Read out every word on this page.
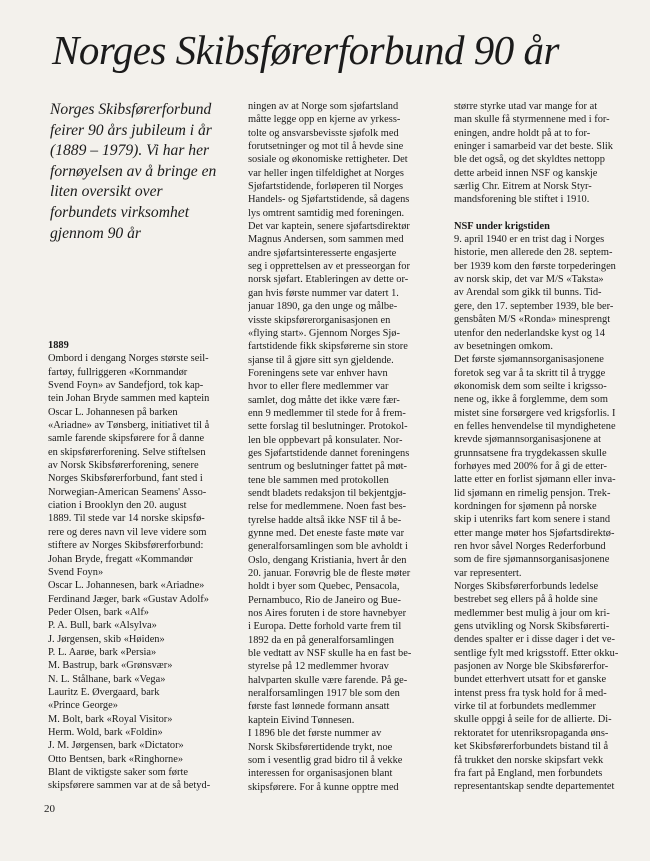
Norges Skibsførerforbund 90 år
Norges Skibsførerforbund
feirer 90 års jubileum i år
(1889 – 1979). Vi har her
fornøyelsen av å bringe en
liten oversikt over
forbundets virksomhet
gjennom 90 år
1889
Ombord i dengang Norges største seil-
fartøy, fullriggeren «Kornmandør
Svend Foyn» av Sandefjord, tok kap-
tein Johan Bryde sammen med kaptein
Oscar L. Johannesen på barken
«Ariadne» av Tønsberg, initiativet til å
samle farende skipsførere for å danne
en skipsførerforening. Selve stiftelsen
av Norsk Skibsførerforening, senere
Norges Skibsførerforbund, fant sted i
Norwegian-American Seamens' Asso-
ciation i Brooklyn den 20. august
1889. Til stede var 14 norske skipsfø-
rere og deres navn vil leve videre som
stiftere av Norges Skibsførerforbund:
Johan Bryde, fregatt «Kommandør
Svend Foyn»
Oscar L. Johannesen, bark «Ariadne»
Ferdinand Jæger, bark «Gustav Adolf»
Peder Olsen, bark «Alf»
P. A. Bull, bark «Alsylva»
J. Jørgensen, skib «Høiden»
P. L. Aarøe, bark «Persia»
M. Bastrup, bark «Grønsvær»
N. L. Stålhane, bark «Vega»
Lauritz E. Øvergaard, bark
«Prince George»
M. Bolt, bark «Royal Visitor»
Herm. Wold, bark «Foldin»
J. M. Jørgensen, bark «Dictator»
Otto Bentsen, bark «Ringhorne»
Blant de viktigste saker som førte
skipsførere sammen var at de så betyd-
ningen av at Norge som sjøfartsland
måtte legge opp en kjerne av yrkess-
tolte og ansvarsbevisste sjøfolk med
forutsetninger og mot til å hevde sine
sosiale og økonomiske rettigheter. Det
var heller ingen tilfeldighet at Norges
Sjøfartstidende, forløperen til Norges
Handels- og Sjøfartstidende, så dagens
lys omtrent samtidig med foreningen.
Det var kaptein, senere sjøfartsdirektør
Magnus Andersen, som sammen med
andre sjøfartsinteresserte engasjerte
seg i opprettelsen av et presseorgan for
norsk sjøfart. Etableringen av dette or-
gan hvis første nummer var datert 1.
januar 1890, ga den unge og målbe-
visste skipsførerorganisasjonen en
«flying start». Gjennom Norges Sjø-
fartstidende fikk skipsførerne sin store
sjanse til å gjøre sitt syn gjeldende.
Foreningens sete var enhver havn
hvor to eller flere medlemmer var
samlet, dog måtte det ikke være fær-
enn 9 medlemmer til stede for å frem-
sette forslag til beslutninger. Protokol-
len ble oppbevart på konsulater. Nor-
ges Sjøfartstidende dannet foreningens
sentrum og beslutninger fattet på møt-
tene ble sammen med protokollen
sendt bladets redaksjon til bekjentgjø-
relse for medlemmene. Noen fast bes-
tyrelse hadde altså ikke NSF til å be-
gynne med. Det eneste faste møte var
generalforsamlingen som ble avholdt i
Oslo, dengang Kristiania, hvert år den
20. januar. Forøvrig ble de fleste møter
holdt i byer som Quebec, Pensacola,
Pernambuco, Rio de Janeiro og Bue-
nos Aires foruten i de store havnebyer
i Europa. Dette forhold varte frem til
1892 da en på generalforsamlingen
ble vedtatt av NSF skulle ha en fast be-
styrelse på 12 medlemmer hvorav
halvparten skulle være farende. På ge-
neralforsamlingen 1917 ble som den
første fast lønnede formann ansatt
kaptein Eivind Tønnesen.
I 1896 ble det første nummer av
Norsk Skibsførertidende trykt, noe
som i vesentlig grad bidro til å vekke
interessen for organisasjonen blant
skipsførere. For å kunne opptre med
større styrke utad var mange for at
man skulle få styrmennene med i for-
eningen, andre holdt på at to for-
eninger i samarbeid var det beste. Slik
ble det også, og det skyldtes nettopp
dette arbeid innen NSF og kanskje
særlig Chr. Eitrem at Norsk Styr-
mandsforening ble stiftet i 1910.
NSF under krigstiden
9. april 1940 er en trist dag i Norges
historie, men allerede den 28. septem-
ber 1939 kom den første torpederingen
av norsk skip, det var M/S «Taksta»
av Arendal som gikk til bunns. Tid-
gere, den 17. september 1939, ble ber-
gensbåten M/S «Ronda» minesprengt
utenfor den nederlandske kyst og 14
av besetningen omkom.
Det første sjømannsorganisasjonene
foretok seg var å ta skritt til å trygge
økonomisk dem som seilte i krigsso-
nene og, ikke å forglemme, dem som
mistet sine forsørgere ved krigsforlis. I
en felles henvendelse til myndighetene
krevde sjømannsorganisasjonene at
grunnsatsene fra trygdekassen skulle
forhøyes med 200% for å gi de etter-
latte etter en forlist sjømann eller inva-
lid sjømann en rimelig pensjon. Trek-
kordningen for sjømenn på norske
skip i utenriks fart kom senere i stand
etter mange møter hos Sjøfartsdirektø-
ren hvor såvel Norges Rederforbund
som de fire sjømannsorganisasjonene
var representert.
Norges Skibsførerforbunds ledelse
bestrebet seg ellers på å holde sine
medlemmer best mulig à jour om kri-
gens utvikling og Norsk Skibsførerti-
dendes spalter er i disse dager i det ve-
sentlige fylt med krigsstoff. Etter okku-
pasjonen av Norge ble Skibsførerfor-
bundet etterhvert utsatt for et ganske
intenst press fra tysk hold for å med-
virke til at forbundets medlemmer
skulle oppgi å seile for de allierte. Di-
rektoratet for utenriksropaganda øns-
ket Skibsførerforbundets bistand til å
få trukket den norske skipsfart vekk
fra fart på England, men forbundets
representantskap sendte departementet
20
